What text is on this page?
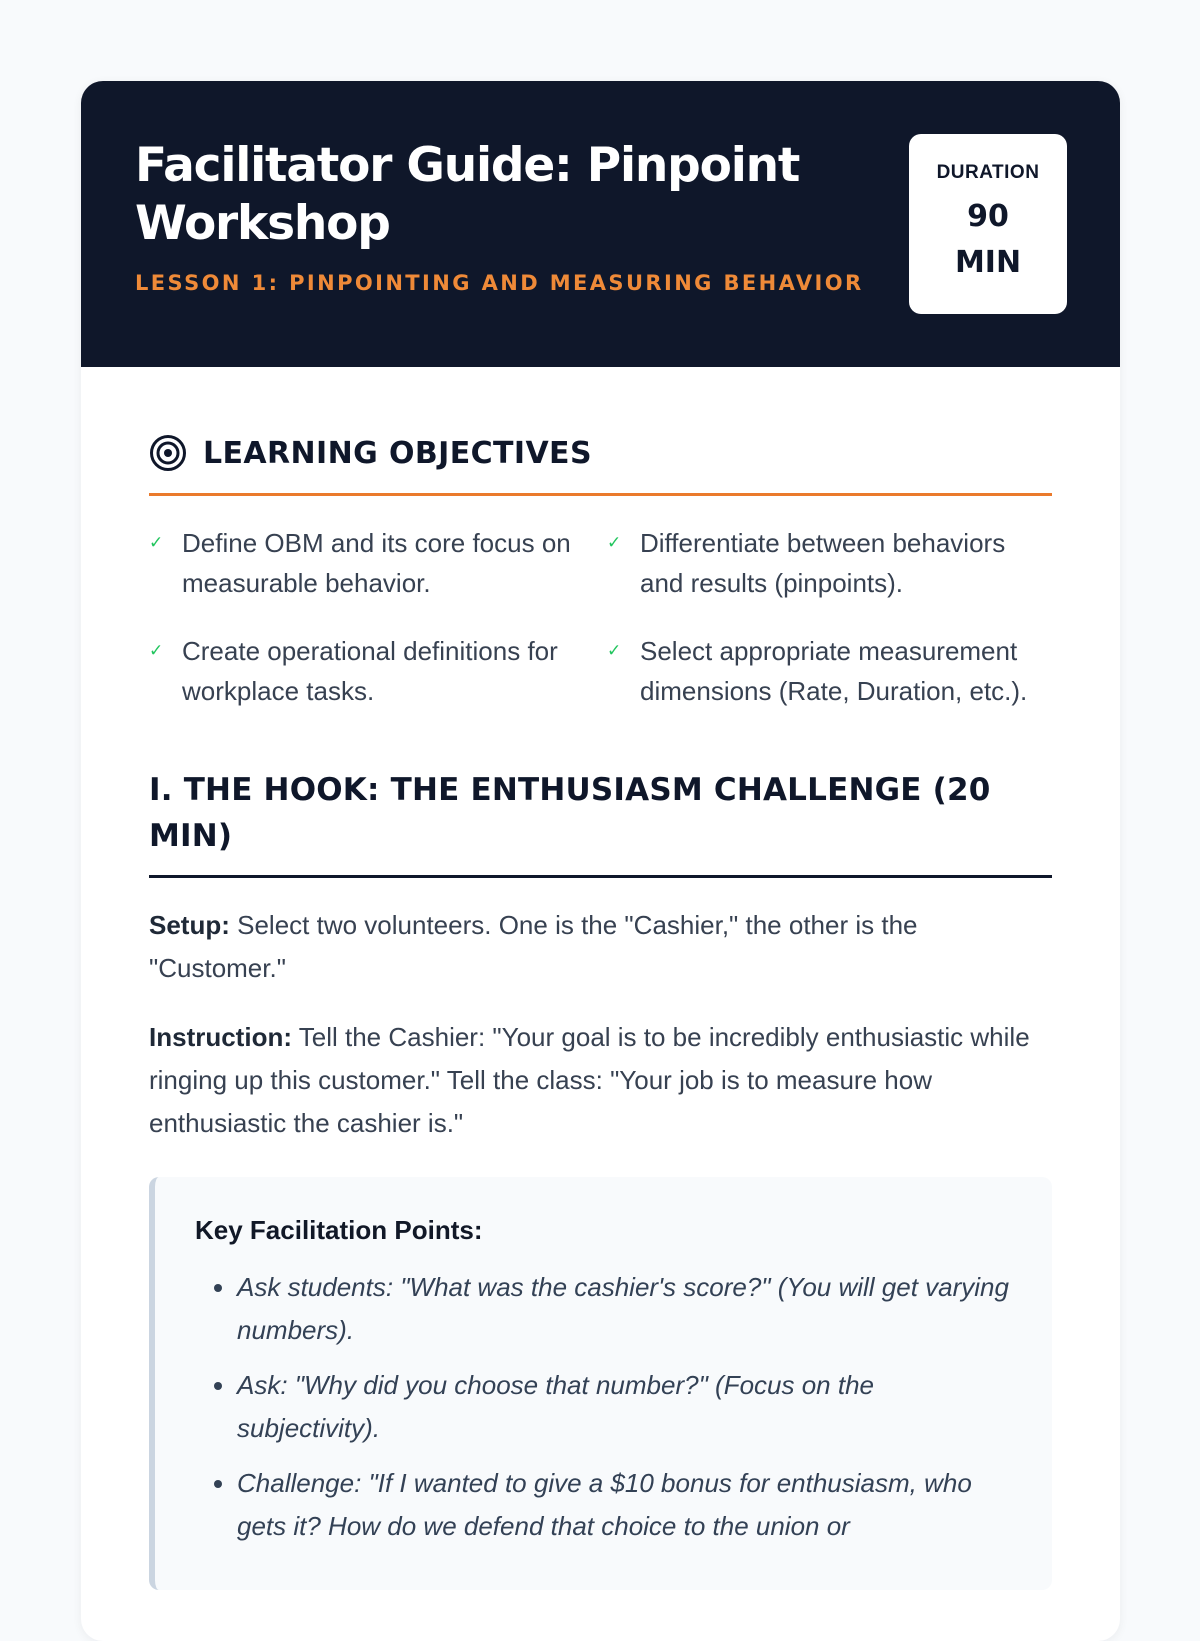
Facilitator Guide: Pinpoint Workshop
LESSON 1: PINPOINTING AND MEASURING BEHAVIOR
DURATION
90 MIN
LEARNING OBJECTIVES
✓ Define OBM and its core focus on measurable behavior.
✓ Differentiate between behaviors and results (pinpoints).
✓ Create operational definitions for workplace tasks.
✓ Select appropriate measurement dimensions (Rate, Duration, etc.).
I. THE HOOK: THE ENTHUSIASM CHALLENGE (20 MIN)
Setup: Select two volunteers. One is the "Cashier," the other is the "Customer."
Instruction: Tell the Cashier: "Your goal is to be incredibly enthusiastic while ringing up this customer." Tell the class: "Your job is to measure how enthusiastic the cashier is."
Key Facilitation Points:
• Ask students: "What was the cashier's score?" (You will get varying numbers).
• Ask: "Why did you choose that number?" (Focus on the subjectivity).
• Challenge: "If I wanted to give a $10 bonus for enthusiasm, who gets it? How do we defend that choice to the union or
